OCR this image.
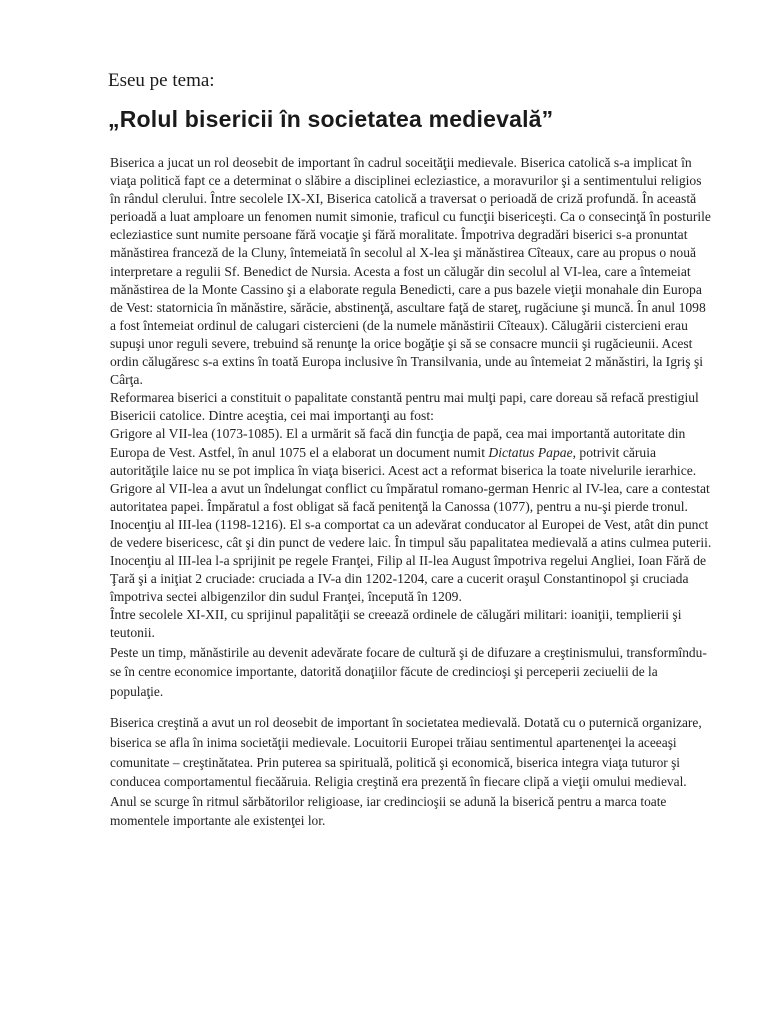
Eseu pe tema:
„Rolul bisericii în societatea medievală”

Biserica a jucat un rol deosebit de important în cadrul soceităţii medievale. Biserica catolică s-a implicat în viaţa politică fapt ce a determinat o slăbire a disciplinei ecleziastice, a moravurilor şi a sentimentului religios în rândul clerului. Între secolele IX-XI, Biserica catolică a traversat o perioadă de criză profundă. În această perioadă a luat amploare un fenomen numit simonie, traficul cu funcţii bisericeşti. Ca o consecinţă în posturile ecleziastice sunt numite persoane fără vocaţie şi fără moralitate. Împotriva degradări biserici s-a pronuntat mănăstirea franceză de la Cluny, întemeiată în secolul al X-lea şi mănăstirea Cîteaux, care au propus o nouă interpretare a regulii Sf. Benedict de Nursia. Acesta a fost un călugăr din secolul al VI-lea, care a întemeiat mănăstirea de la Monte Cassino şi a elaborate regula Benedicti, care a pus bazele vieţii monahale din Europa de Vest: statornicia în mănăstire, sărăcie, abstinenţă, ascultare faţă de stareţ, rugăciune şi muncă. În anul 1098 a fost întemeiat ordinul de calugari cistercieni (de la numele mănăstirii Cîteaux). Călugării cistercieni erau supuşi unor reguli severe, trebuind să renunţe la orice bogăţie şi să se consacre muncii şi rugăcieunii. Acest ordin călugăresc s-a extins în toată Europa inclusive în Transilvania, unde au întemeiat 2 mănăstiri, la Igriş şi Cârţa.

Reformarea biserici a constituit o papalitate constantă pentru mai mulţi papi, care doreau să refacă prestigiul Bisericii catolice. Dintre aceştia, cei mai importanţi au fost:

Grigore al VII-lea (1073-1085). El a urmărit să facă din funcţia de papă, cea mai importantă autoritate din Europa de Vest. Astfel, în anul 1075 el a elaborat un document numit Dictatus Papae, potrivit căruia autorităţile laice nu se pot implica în viaţa biserici. Acest act a reformat biserica la toate nivelurile ierarhice. Grigore al VII-lea a avut un îndelungat conflict cu împăratul romano-german Henric al IV-lea, care a contestat autoritatea papei. Împăratul a fost obligat să facă penitenţă la Canossa (1077), pentru a nu-şi pierde tronul.

Inocenţiu al III-lea (1198-1216). El s-a comportat ca un adevărat conducator al Europei de Vest, atât din punct de vedere bisericesc, cât şi din punct de vedere laic. În timpul său papalitatea medievală a atins culmea puterii. Inocenţiu al III-lea l-a sprijinit pe regele Franţei, Filip al II-lea August împotriva regelui Angliei, Ioan Fără de Ţară şi a iniţiat 2 cruciade: cruciada a IV-a din 1202-1204, care a cucerit oraşul Constantinopol şi cruciada împotriva sectei albigenzilor din sudul Franţei, începută în 1209.

Între secolele XI-XII, cu sprijinul papalităţii se creează ordinele de călugări militari: ioaniţii, templierii şi teutonii.

Peste un timp, mănăstirile au devenit adevărate focare de cultură şi de difuzare a creştinismului, transformîndu-se în centre economice importante, datorită donaţiilor făcute de credincioşi şi perceperii zeciuelii de la populaţie.

Biserica creştină a avut un rol deosebit de important în societatea medievală. Dotată cu o puternică organizare, biserica se afla în inima societăţii medievale. Locuitorii Europei trăiau sentimentul apartenenţei la aceeaşi comunitate – creştinătatea. Prin puterea sa spirituală, politică şi economică, biserica integra viaţa tuturor şi conducea comportamentul fiecăăruia. Religia creştină era prezentă în fiecare clipă a vieţii omului medieval. Anul se scurge în ritmul sărbătorilor religioase, iar credincioşii se adună la biserică pentru a marca toate momentele importante ale existenţei lor.
